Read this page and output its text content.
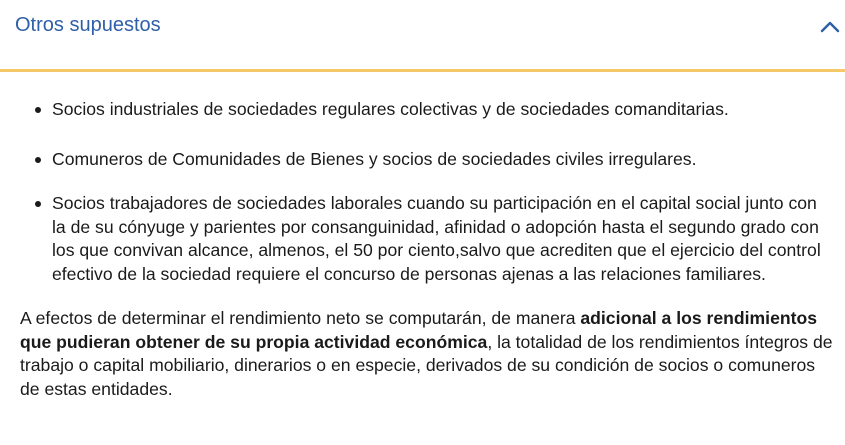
Otros supuestos
Socios industriales de sociedades regulares colectivas y de sociedades comanditarias.
Comuneros de Comunidades de Bienes y socios de sociedades civiles irregulares.
Socios trabajadores de sociedades laborales cuando su participación en el capital social junto con la de su cónyuge y parientes por consanguinidad, afinidad o adopción hasta el segundo grado con los que convivan alcance, almenos, el 50 por ciento,salvo que acrediten que el ejercicio del control efectivo de la sociedad requiere el concurso de personas ajenas a las relaciones familiares.

A efectos de determinar el rendimiento neto se computarán, de manera adicional a los rendimientos que pudieran obtener de su propia actividad económica, la totalidad de los rendimientos íntegros de trabajo o capital mobiliario, dinerarios o en especie, derivados de su condición de socios o comuneros de estas entidades.
